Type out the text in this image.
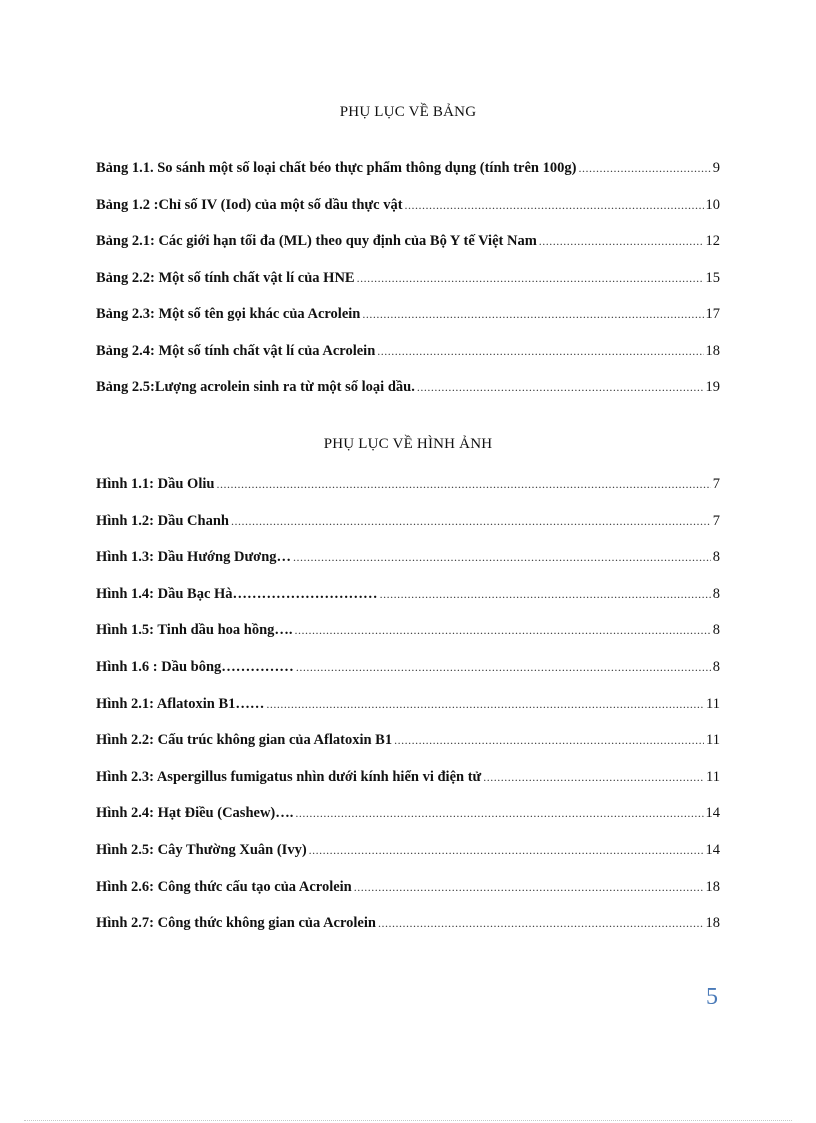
PHỤ LỤC VỀ BẢNG
Bảng 1.1. So sánh một số loại chất béo thực phẩm thông dụng (tính trên 100g) .....	9
Bảng 1.2 :Chỉ số IV (Iod) của một số dầu thực vật .....	10
Bảng 2.1: Các giới hạn tối đa (ML) theo quy định của Bộ Y tế Việt Nam .....	12
Bảng 2.2: Một số tính chất vật lí của HNE .....	15
Bảng 2.3: Một số tên gọi khác của Acrolein .....	17
Bảng 2.4: Một số tính chất vật lí của Acrolein .....	18
Bảng 2.5:Lượng acrolein sinh ra từ một số loại dầu. .....	19
PHỤ LỤC VỀ HÌNH ẢNH
Hình 1.1: Dầu Oliu .....	7
Hình 1.2: Dầu Chanh .....	7
Hình 1.3: Dầu Hướng Dương… .....	8
Hình 1.4: Dầu Bạc Hà………………………… .....	8
Hình 1.5: Tinh dầu hoa hồng…. .....	8
Hình 1.6 : Dầu bông…………… .....	8
Hình 2.1: Aflatoxin B1…… .....	11
Hình 2.2: Cấu trúc không gian của Aflatoxin B1 .....	11
Hình 2.3: Aspergillus fumigatus nhìn dưới kính hiển vi điện tử .....	11
Hình 2.4: Hạt Điều (Cashew)…. .....	14
Hình 2.5: Cây Thường Xuân (Ivy) .....	14
Hình 2.6: Công thức cấu tạo của Acrolein .....	18
Hình 2.7: Công thức không gian của Acrolein .....	18
5
